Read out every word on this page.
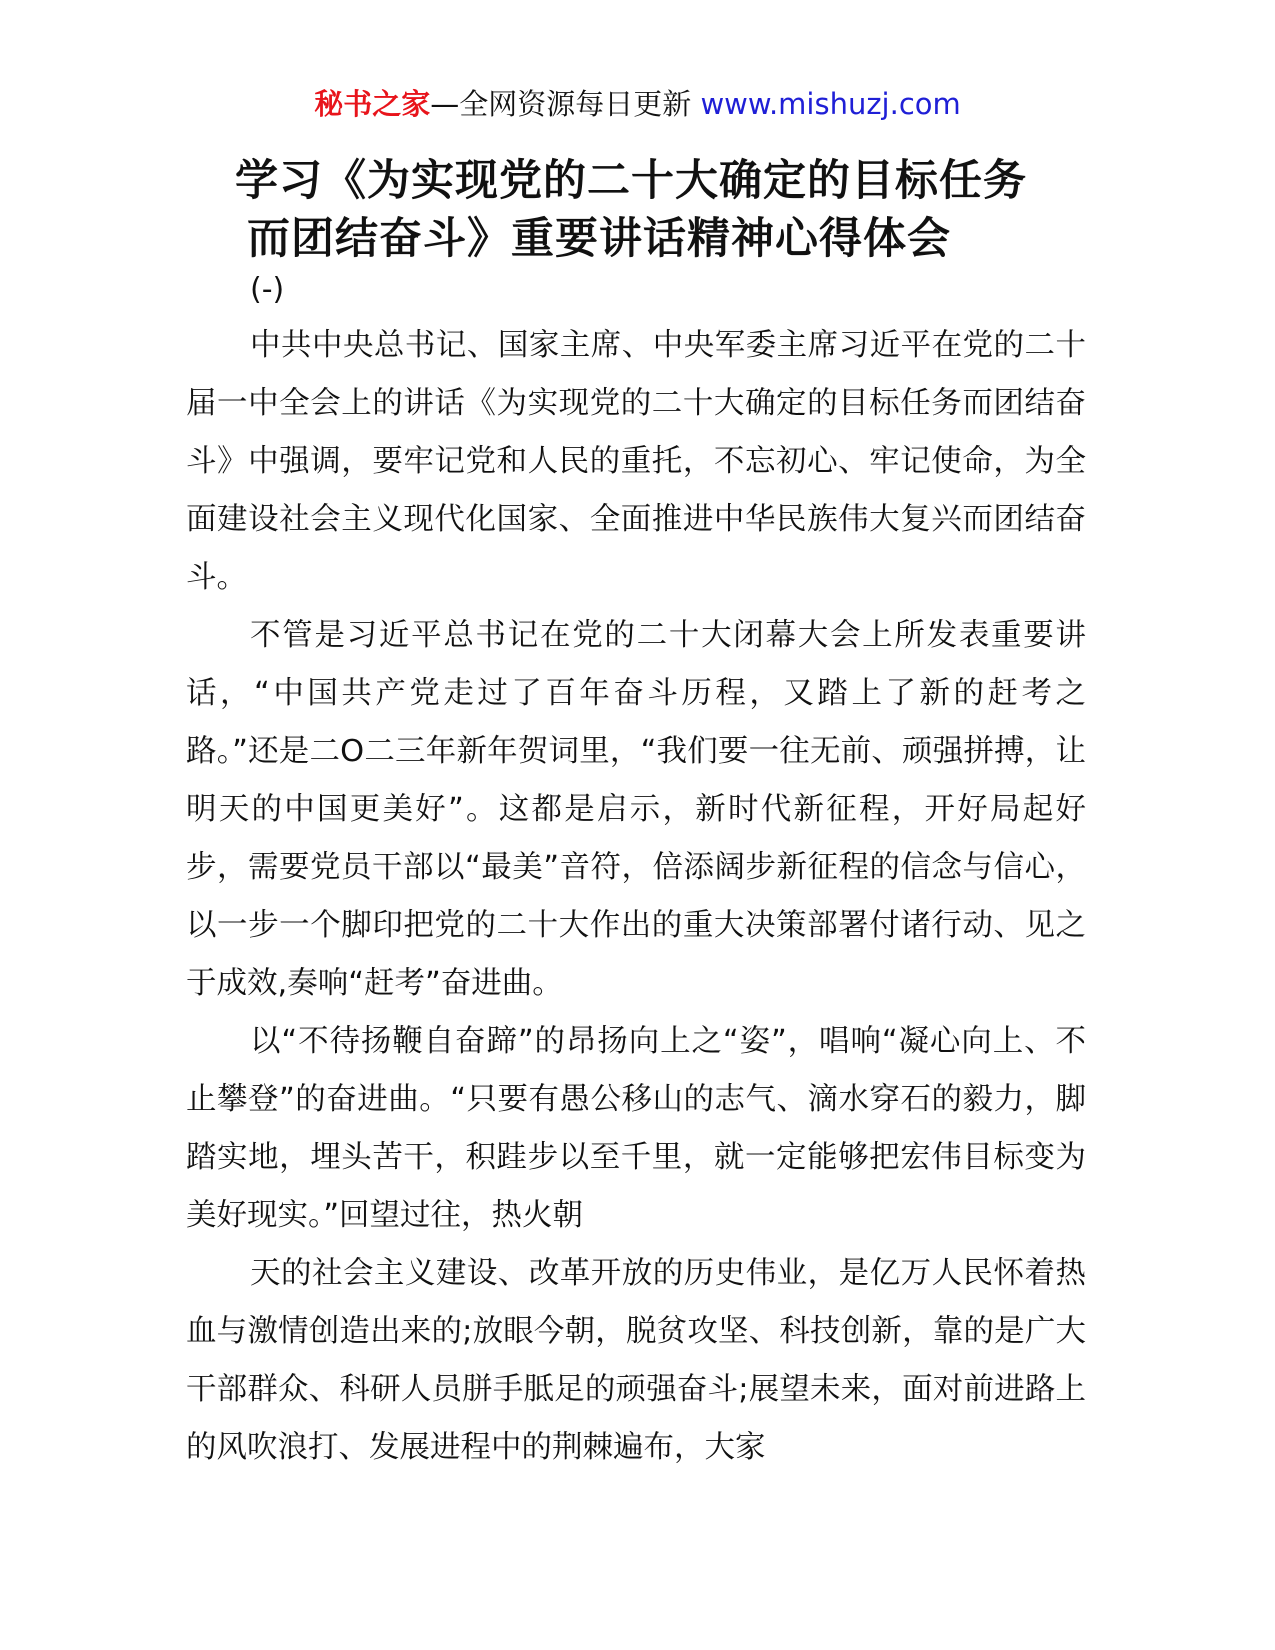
秘书之家—全网资源每日更新 www.mishuzj.com
学习《为实现党的二十大确定的目标任务
而团结奋斗》重要讲话精神心得体会
(-)

中共中央总书记、国家主席、中央军委主席习近平在党的二十届一中全会上的讲话《为实现党的二十大确定的目标任务而团结奋斗》中强调，要牢记党和人民的重托，不忘初心、牢记使命，为全面建设社会主义现代化国家、全面推进中华民族伟大复兴而团结奋斗。

不管是习近平总书记在党的二十大闭幕大会上所发表重要讲话，“中国共产党走过了百年奋斗历程，又踏上了新的赶考之路。”还是二O二三年新年贺词里，“我们要一往无前、顽强拼搏，让明天的中国更美好”。这都是启示，新时代新征程，开好局起好步，需要党员干部以“最美”音符，倍添阔步新征程的信念与信心，以一步一个脚印把党的二十大作出的重大决策部署付诸行动、见之于成效,奏响“赶考”奋进曲。

以“不待扬鞭自奋蹄”的昂扬向上之“姿”，唱响“凝心向上、不止攀登”的奋进曲。“只要有愚公移山的志气、滴水穿石的毅力，脚踏实地，埋头苦干，积跬步以至千里，就一定能够把宏伟目标变为美好现实。”回望过往，热火朝

天的社会主义建设、改革开放的历史伟业，是亿万人民怀着热血与激情创造出来的;放眼今朝，脱贫攻坚、科技创新，靠的是广大干部群众、科研人员胼手胝足的顽强奋斗;展望未来，面对前进路上的风吹浪打、发展进程中的荆棘遍布，大家
